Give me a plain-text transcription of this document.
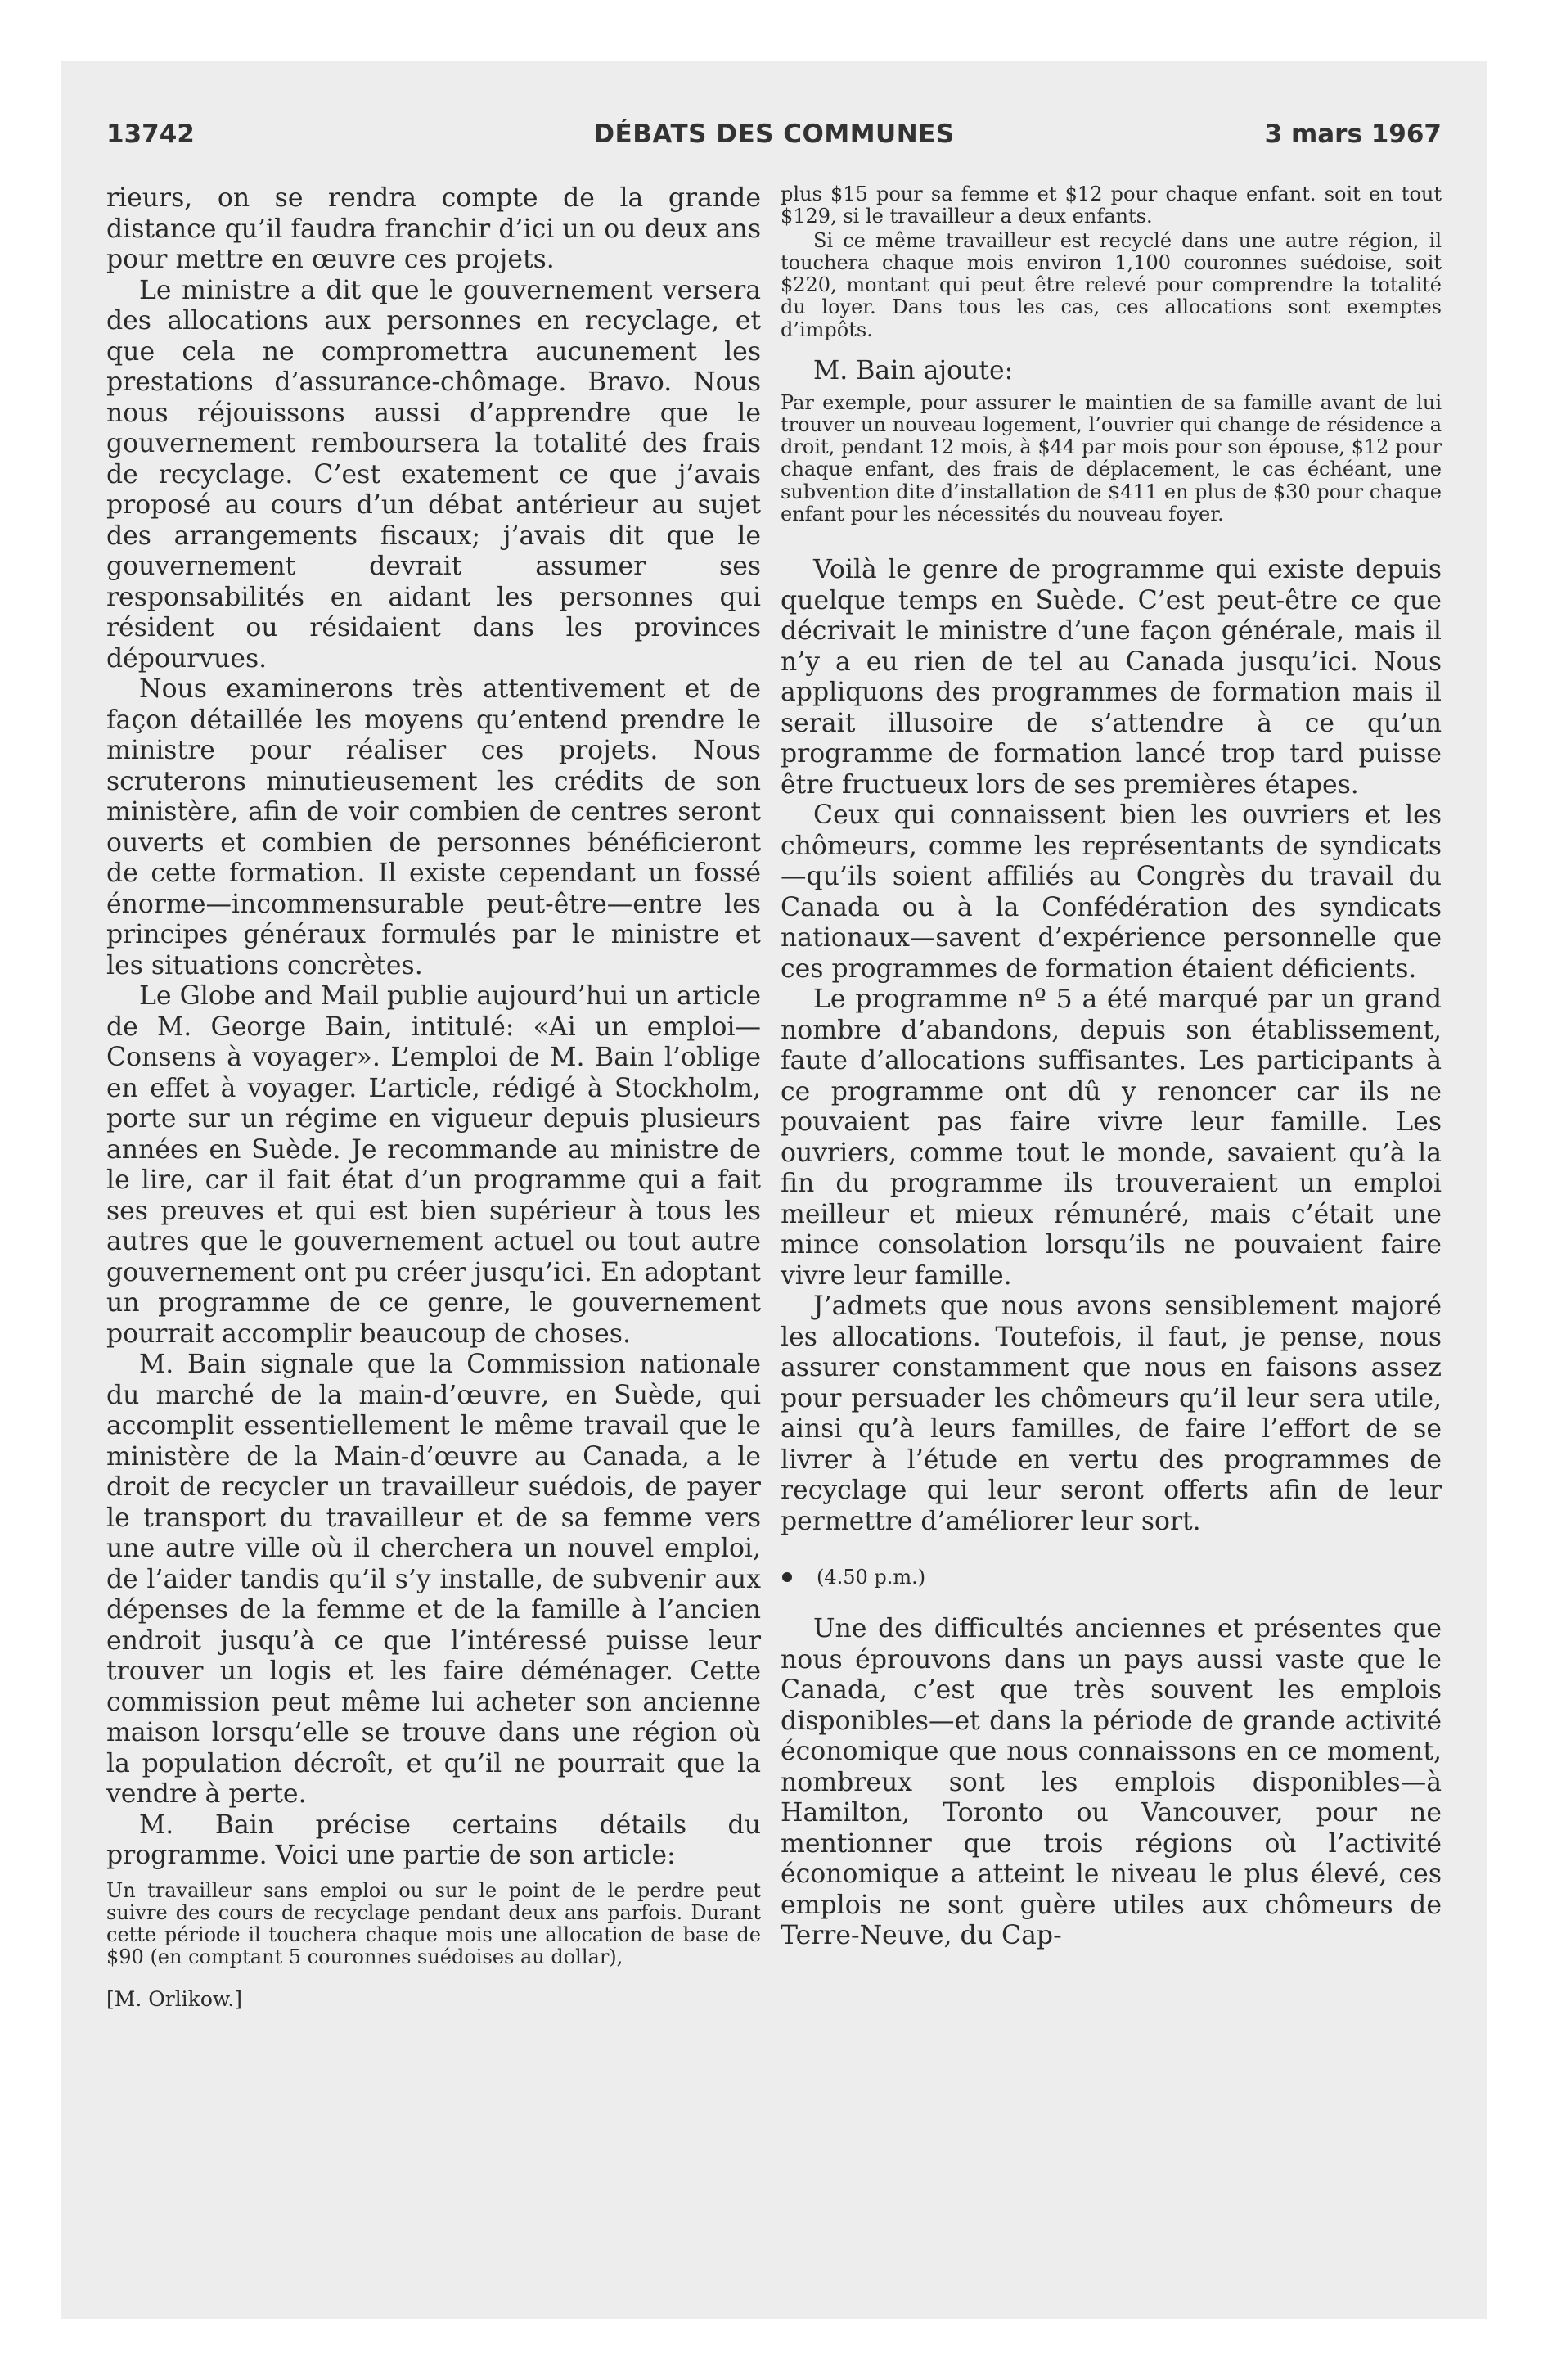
13742	DÉBATS DES COMMUNES	3 mars 1967

rieurs, on se rendra compte de la grande distance qu’il faudra franchir d’ici un ou deux ans pour mettre en œuvre ces projets.

Le ministre a dit que le gouvernement versera des allocations aux personnes en recyclage, et que cela ne compromettra aucunement les prestations d’assurance-chômage. Bravo. Nous nous réjouissons aussi d’apprendre que le gouvernement remboursera la totalité des frais de recyclage. C’est exatement ce que j’avais proposé au cours d’un débat antérieur au sujet des arrangements fiscaux; j’avais dit que le gouvernement devrait assumer ses responsabilités en aidant les personnes qui résident ou résidaient dans les provinces dépourvues.

Nous examinerons très attentivement et de façon détaillée les moyens qu’entend prendre le ministre pour réaliser ces projets. Nous scruterons minutieusement les crédits de son ministère, afin de voir combien de centres seront ouverts et combien de personnes bénéficieront de cette formation. Il existe cependant un fossé énorme—incommensurable peut-être—entre les principes généraux formulés par le ministre et les situations concrètes.

Le Globe and Mail publie aujourd’hui un article de M. George Bain, intitulé: «Ai un emploi—Consens à voyager». L’emploi de M. Bain l’oblige en effet à voyager. L’article, rédigé à Stockholm, porte sur un régime en vigueur depuis plusieurs années en Suède. Je recommande au ministre de le lire, car il fait état d’un programme qui a fait ses preuves et qui est bien supérieur à tous les autres que le gouvernement actuel ou tout autre gouvernement ont pu créer jusqu’ici. En adoptant un programme de ce genre, le gouvernement pourrait accomplir beaucoup de choses.

M. Bain signale que la Commission nationale du marché de la main-d’œuvre, en Suède, qui accomplit essentiellement le même travail que le ministère de la Main-d’œuvre au Canada, a le droit de recycler un travailleur suédois, de payer le transport du travailleur et de sa femme vers une autre ville où il cherchera un nouvel emploi, de l’aider tandis qu’il s’y installe, de subvenir aux dépenses de la femme et de la famille à l’ancien endroit jusqu’à ce que l’intéressé puisse leur trouver un logis et les faire déménager. Cette commission peut même lui acheter son ancienne maison lorsqu’elle se trouve dans une région où la population décroît, et qu’il ne pourrait que la vendre à perte.

M. Bain précise certains détails du programme. Voici une partie de son article:

Un travailleur sans emploi ou sur le point de le perdre peut suivre des cours de recyclage pendant deux ans parfois. Durant cette période il touchera chaque mois une allocation de base de $90 (en comptant 5 couronnes suédoises au dollar),

[M. Orlikow.]

plus $15 pour sa femme et $12 pour chaque enfant. soit en tout $129, si le travailleur a deux enfants.

Si ce même travailleur est recyclé dans une autre région, il touchera chaque mois environ 1,100 couronnes suédoise, soit $220, montant qui peut être relevé pour comprendre la totalité du loyer. Dans tous les cas, ces allocations sont exemptes d’impôts.

M. Bain ajoute:

Par exemple, pour assurer le maintien de sa famille avant de lui trouver un nouveau logement, l’ouvrier qui change de résidence a droit, pendant 12 mois, à $44 par mois pour son épouse, $12 pour chaque enfant, des frais de déplacement, le cas échéant, une subvention dite d’installation de $411 en plus de $30 pour chaque enfant pour les nécessités du nouveau foyer.

Voilà le genre de programme qui existe depuis quelque temps en Suède. C’est peut-être ce que décrivait le ministre d’une façon générale, mais il n’y a eu rien de tel au Canada jusqu’ici. Nous appliquons des programmes de formation mais il serait illusoire de s’attendre à ce qu’un programme de formation lancé trop tard puisse être fructueux lors de ses premières étapes.

Ceux qui connaissent bien les ouvriers et les chômeurs, comme les représentants de syndicats—qu’ils soient affiliés au Congrès du travail du Canada ou à la Confédération des syndicats nationaux—savent d’expérience personnelle que ces programmes de formation étaient déficients.

Le programme nº 5 a été marqué par un grand nombre d’abandons, depuis son établissement, faute d’allocations suffisantes. Les participants à ce programme ont dû y renoncer car ils ne pouvaient pas faire vivre leur famille. Les ouvriers, comme tout le monde, savaient qu’à la fin du programme ils trouveraient un emploi meilleur et mieux rémunéré, mais c’était une mince consolation lorsqu’ils ne pouvaient faire vivre leur famille.

J’admets que nous avons sensiblement majoré les allocations. Toutefois, il faut, je pense, nous assurer constamment que nous en faisons assez pour persuader les chômeurs qu’il leur sera utile, ainsi qu’à leurs familles, de faire l’effort de se livrer à l’étude en vertu des programmes de recyclage qui leur seront offerts afin de leur permettre d’améliorer leur sort.

(4.50 p.m.)

Une des difficultés anciennes et présentes que nous éprouvons dans un pays aussi vaste que le Canada, c’est que très souvent les emplois disponibles—et dans la période de grande activité économique que nous connaissons en ce moment, nombreux sont les emplois disponibles—à Hamilton, Toronto ou Vancouver, pour ne mentionner que trois régions où l’activité économique a atteint le niveau le plus élevé, ces emplois ne sont guère utiles aux chômeurs de Terre-Neuve, du Cap-
